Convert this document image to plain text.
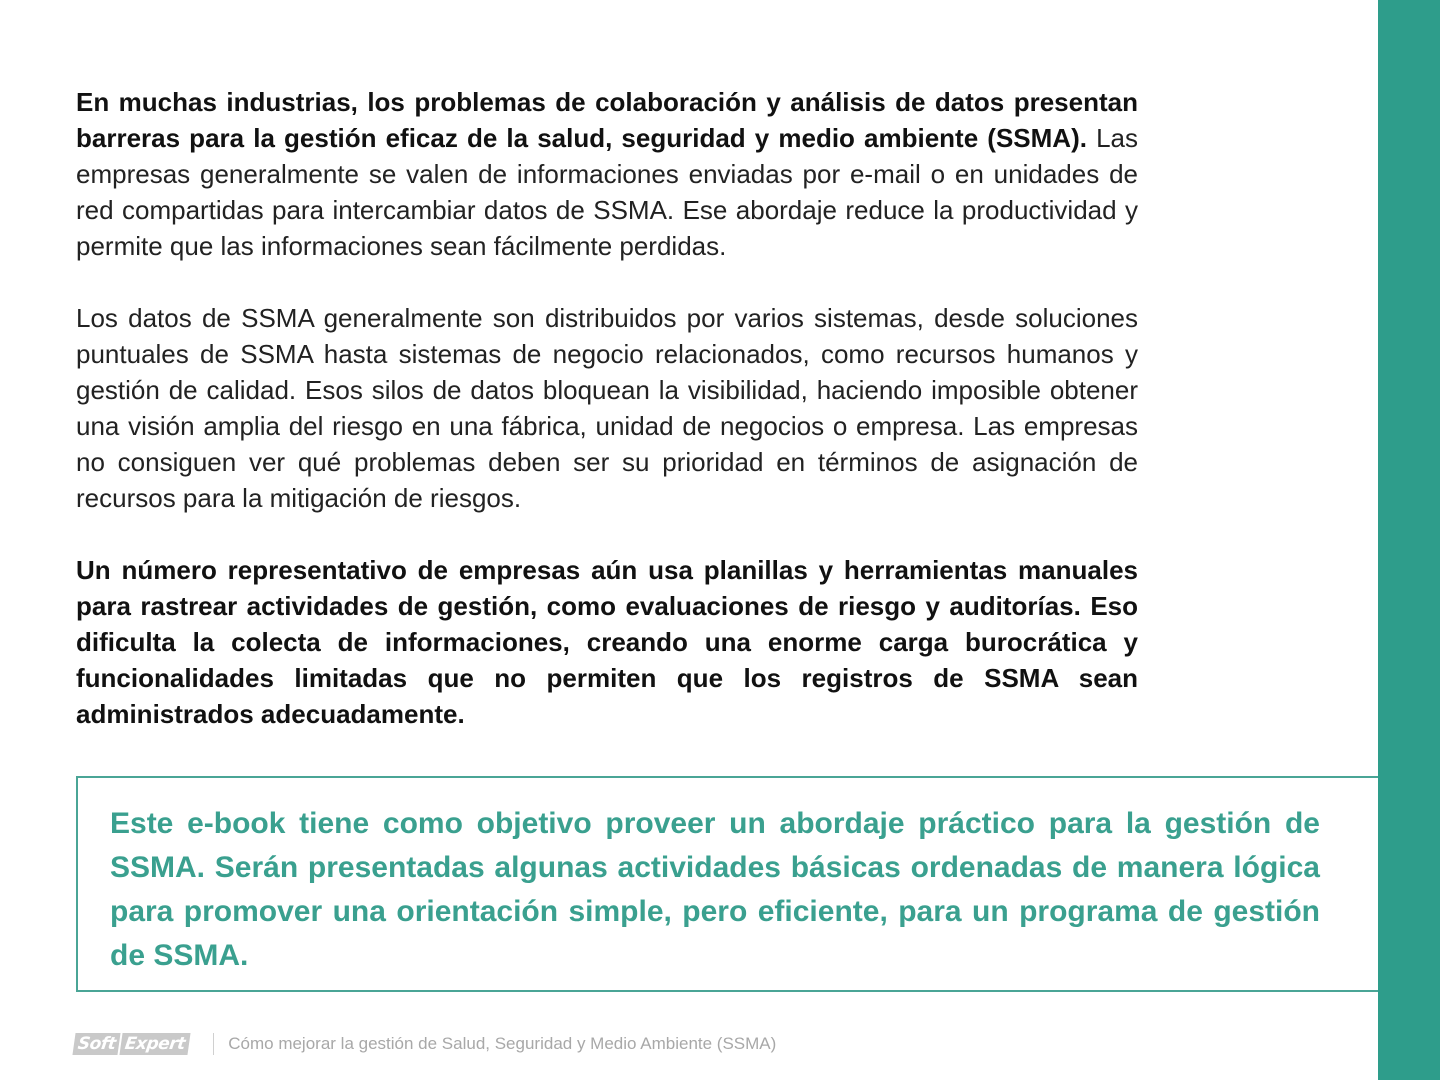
En muchas industrias, los problemas de colaboración y análisis de datos presentan barreras para la gestión eficaz de la salud, seguridad y medio ambiente (SSMA). Las empresas generalmente se valen de informaciones enviadas por e-mail o en unidades de red compartidas para intercambiar datos de SSMA. Ese abordaje reduce la productividad y permite que las informaciones sean fácilmente perdidas.

Los datos de SSMA generalmente son distribuidos por varios sistemas, desde soluciones puntuales de SSMA hasta sistemas de negocio relacionados, como recursos humanos y gestión de calidad. Esos silos de datos bloquean la visibilidad, haciendo imposible obtener una visión amplia del riesgo en una fábrica, unidad de negocios o empresa. Las empresas no consiguen ver qué problemas deben ser su prioridad en términos de asignación de recursos para la mitigación de riesgos.

Un número representativo de empresas aún usa planillas y herramientas manuales para rastrear actividades de gestión, como evaluaciones de riesgo y auditorías. Eso dificulta la colecta de informaciones, creando una enorme carga burocrática y funcionalidades limitadas que no permiten que los registros de SSMA sean administrados adecuadamente.

Este e-book tiene como objetivo proveer un abordaje práctico para la gestión de SSMA. Serán presentadas algunas actividades básicas ordenadas de manera lógica para promover una orientación simple, pero eficiente, para un programa de gestión de SSMA.

Soft Expert Cómo mejorar la gestión de Salud, Seguridad y Medio Ambiente (SSMA)
